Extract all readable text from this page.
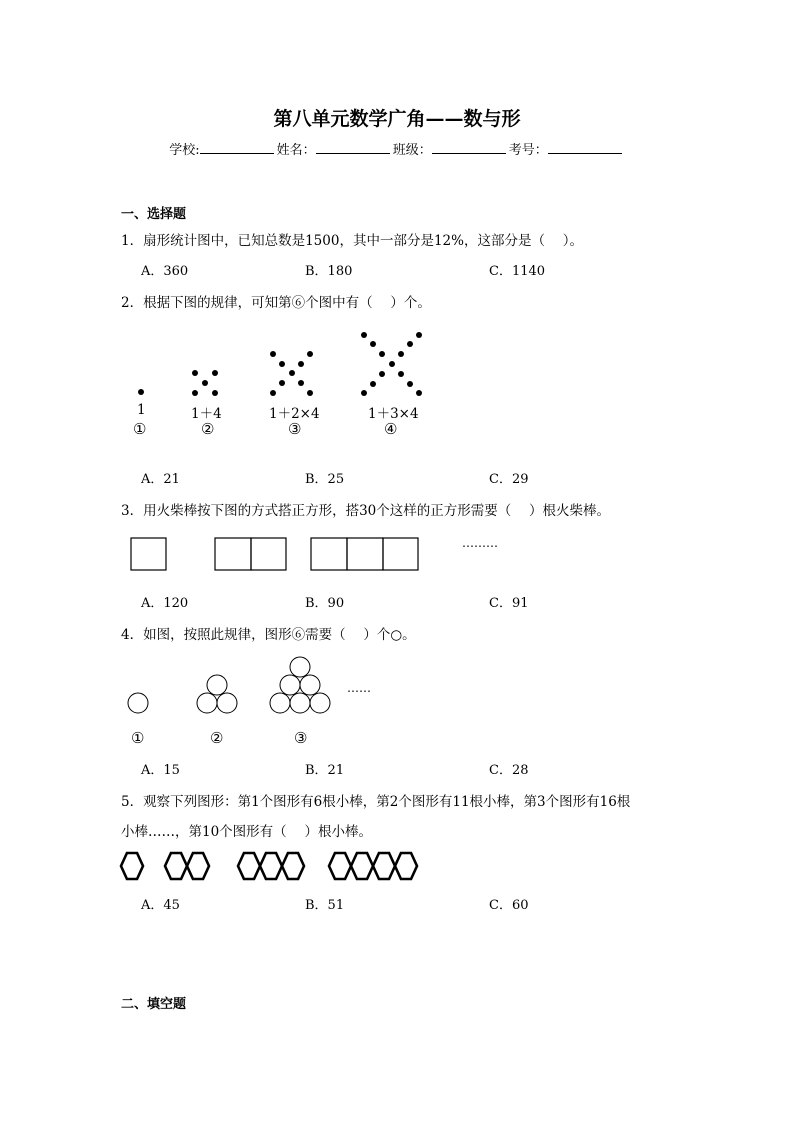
第八单元数学广角——数与形
学校:	姓名：	班级：	考号：
一、选择题
1．扇形统计图中，已知总数是1500，其中一部分是12%，这部分是（　 ）。
A．360	B．180	C．1140
2．根据下图的规律，可知第⑥个图中有（　 ）个。
1	1＋4	1＋2×4	1＋3×4
①	②	③	④
A．21	B．25	C．29
3．用火柴棒按下图的方式搭正方形，搭30个这样的正方形需要（　 ）根火柴棒。
………
A．120	B．90	C．91
4．如图，按照此规律，图形⑥需要（　 ）个○。
……
①	②	③
A．15	B．21	C．28
5．观察下列图形：第1个图形有6根小棒，第2个图形有11根小棒，第3个图形有16根
小棒……，第10个图形有（　 ）根小棒。
A．45	B．51	C．60
二、填空题
